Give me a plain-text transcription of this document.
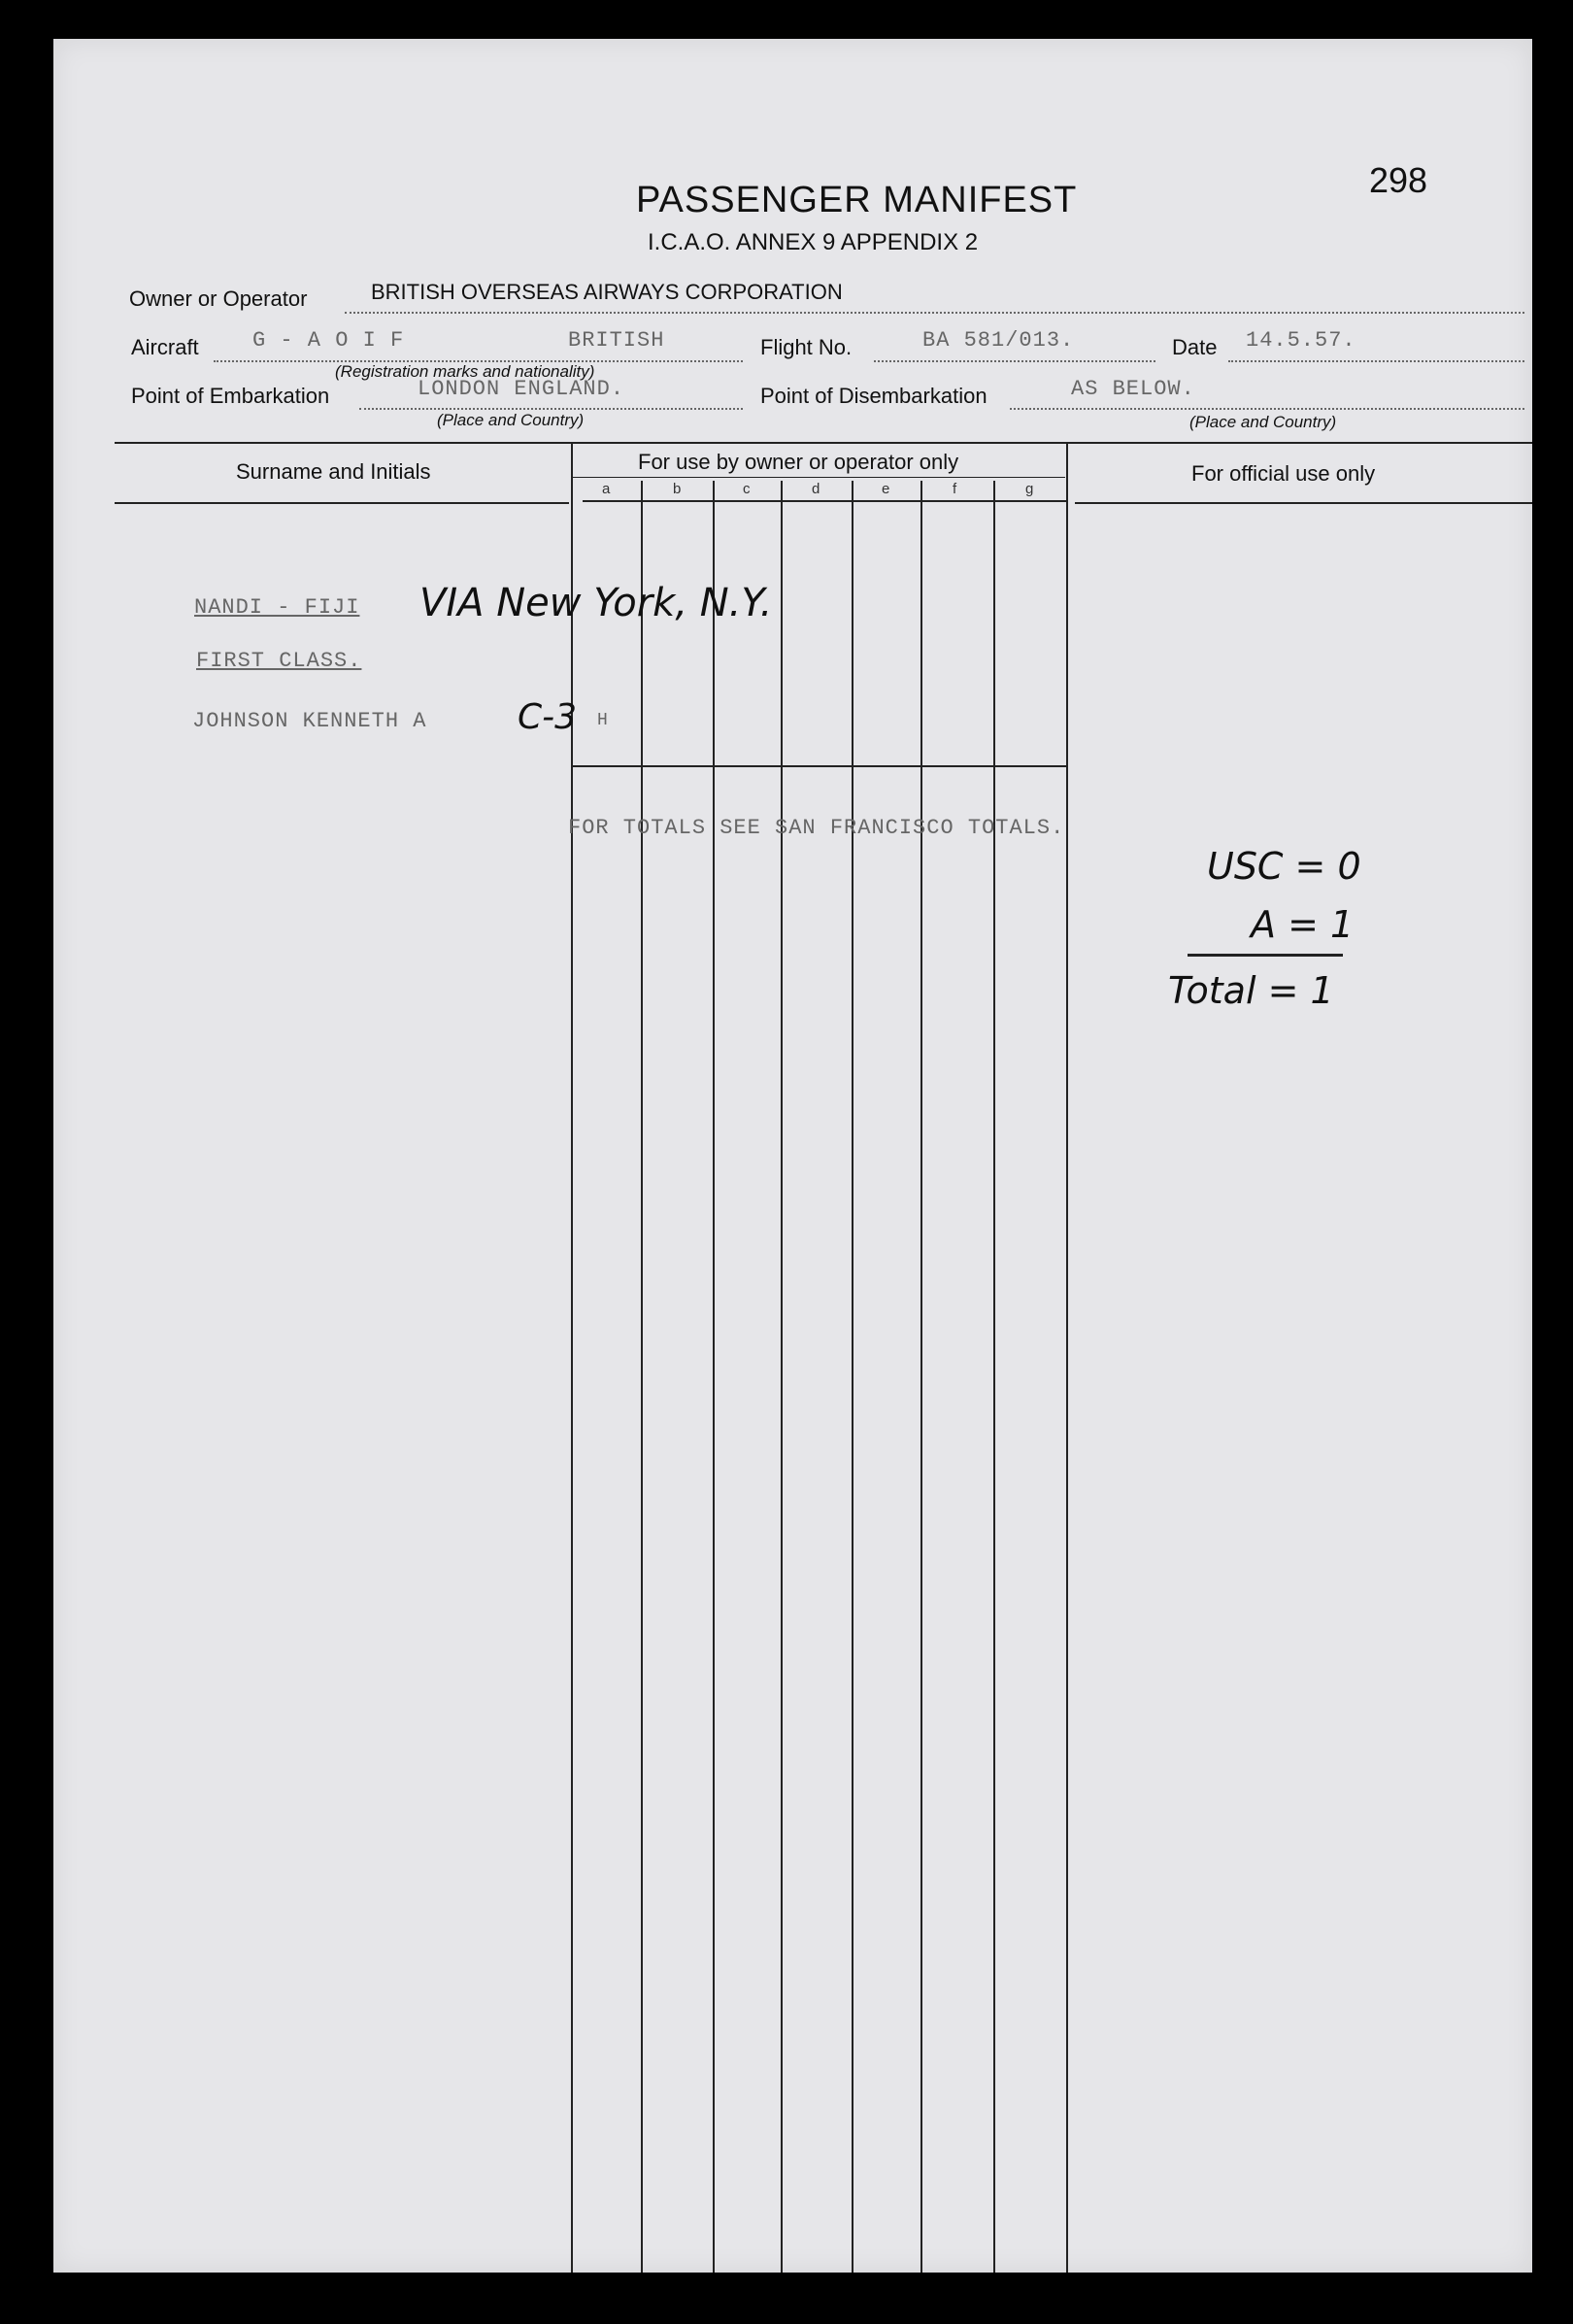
298
PASSENGER MANIFEST
I.C.A.O. ANNEX 9 APPENDIX 2
Owner or Operator	BRITISH OVERSEAS AIRWAYS CORPORATION
Aircraft	G - A O I F	BRITISH	Flight No.	BA 581/013.	Date 14.5.57.
(Registration marks and nationality)
Point of Embarkation	LONDON ENGLAND.	Point of Disembarkation	AS BELOW.
(Place and Country)	(Place and Country)
Surname and Initials	For use by owner or operator only	For official use only
a	b	c	d	e	f	g
NANDI - FIJI VIA New York, N.Y.
FIRST CLASS.
JOHNSON KENNETH A	C-3 H
FOR TOTALS SEE SAN FRANCISCO TOTALS.
USC = 0
A = 1
Total = 1
